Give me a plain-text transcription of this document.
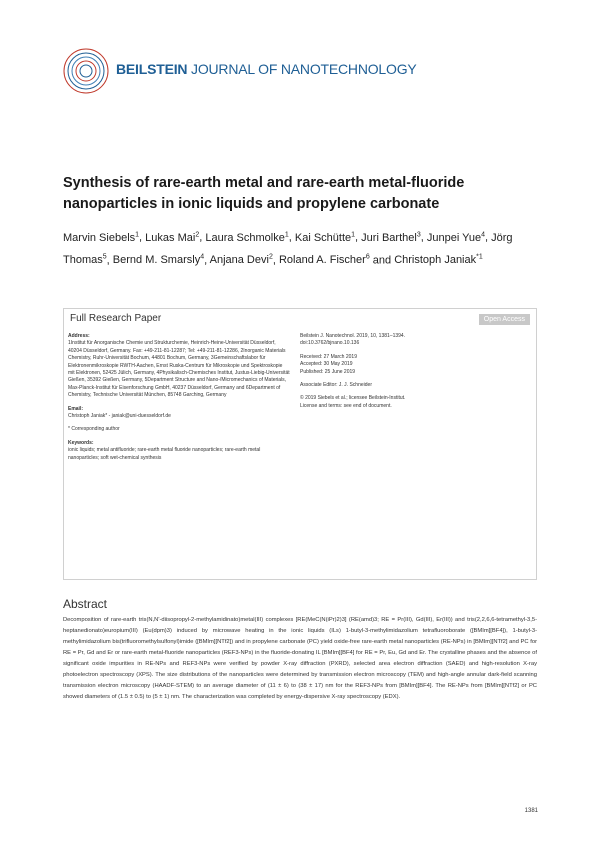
BEILSTEIN JOURNAL OF NANOTECHNOLOGY
Synthesis of rare-earth metal and rare-earth metal-fluoride nanoparticles in ionic liquids and propylene carbonate
Marvin Siebels$^1$, Lukas Mai$^2$, Laura Schmolke$^1$, Kai Schütte$^1$, Juri Barthel$^3$, Junpei Yue$^4$, Jörg Thomas$^5$, Bernd M. Smarsly$^4$, Anjana Devi$^2$, Roland A. Fischer$^6$ and Christoph Janiak$^{*1}$
Full Research Paper	Open Access

Address:
1Institut für Anorganische Chemie und Strukturchemie, Heinrich-Heine-Universität Düsseldorf, 40204 Düsseldorf, Germany. Fax: +49-211-81-12287; Tel: +49-211-81-12286, 2Inorganic Materials Chemistry, Ruhr-Universität Bochum, 44801 Bochum, Germany, 3Gemeinschaftslabor für Elektronenmikroskopie RWTH-Aachen, Ernst Ruska-Centrum für Mikroskopie und Spektroskopie mit Elektronen, 52425 Jülich, Germany, 4Physikalisch-Chemisches Institut, Justus-Liebig-Universität Gießen, 35392 Gießen, Germany, 5Department Structure and Nano-/Micromechanics of Materials, Max-Planck-Institut für Eisenforschung GmbH, 40237 Düsseldorf, Germany and 6Department of Chemistry, Technische Universität München, 85748 Garching, Germany

Email:
Christoph Janiak* - janiak@uni-duesseldorf.de

* Corresponding author

Keywords:
ionic liquids; metal antifluoride; rare-earth metal fluoride nanoparticles; rare-earth metal nanoparticles; soft wet-chemical synthesis

Beilstein J. Nanotechnol. 2019, 10, 1381–1394.
doi:10.3762/bjnano.10.136

Received: 27 March 2019
Accepted: 30 May 2019
Published: 25 June 2019

Associate Editor: J. J. Schneider

© 2019 Siebels et al.; licensee Beilstein-Institut.
License and terms: see end of document.

Abstract
Decomposition of rare-earth tris(N,N'-diisopropyl-2-methylamidinato)metal(III) complexes [RE(MeC(N(iPr)2)3] (RE(amd)3; RE = Pr(III), Gd(III), Er(III)) and tris(2,2,6,6-tetramethyl-3,5-heptanedionato)europium(III) (Eu(dpm)3) induced by microwave heating in the ionic liquids (ILs) 1-butyl-3-methylimidazolium tetrafluoroborate ([BMIm][BF4]), 1-butyl-3-methylimidazolium bis(trifluoromethylsulfonyl)imide ([BMIm][NTf2]) and in propylene carbonate (PC) yield oxide-free rare-earth metal nanoparticles (RE-NPs) in [BMIm][NTf2] and PC for RE = Pr, Gd and Er or rare-earth metal-fluoride nanoparticles (REF3-NPs) in the fluoride-donating IL [BMIm][BF4] for RE = Pr, Eu, Gd and Er. The crystalline phases and the absence of significant oxide impurities in RE-NPs and REF3-NPs were verified by powder X-ray diffraction (PXRD), selected area electron diffraction (SAED) and high-resolution X-ray photoelectron spectroscopy (XPS). The size distributions of the nanoparticles were determined by transmission electron microscopy (TEM) and high-angle annular dark-field scanning transmission electron microscopy (HAADF-STEM) to an average diameter of (11 ± 6) to (38 ± 17) nm for the REF3-NPs from [BMIm][BF4]. The RE-NPs from [BMIm][NTf2] or PC showed diameters of (1.5 ± 0.5) to (5 ± 1) nm. The characterization was completed by energy-dispersive X-ray spectroscopy (EDX).
1381
